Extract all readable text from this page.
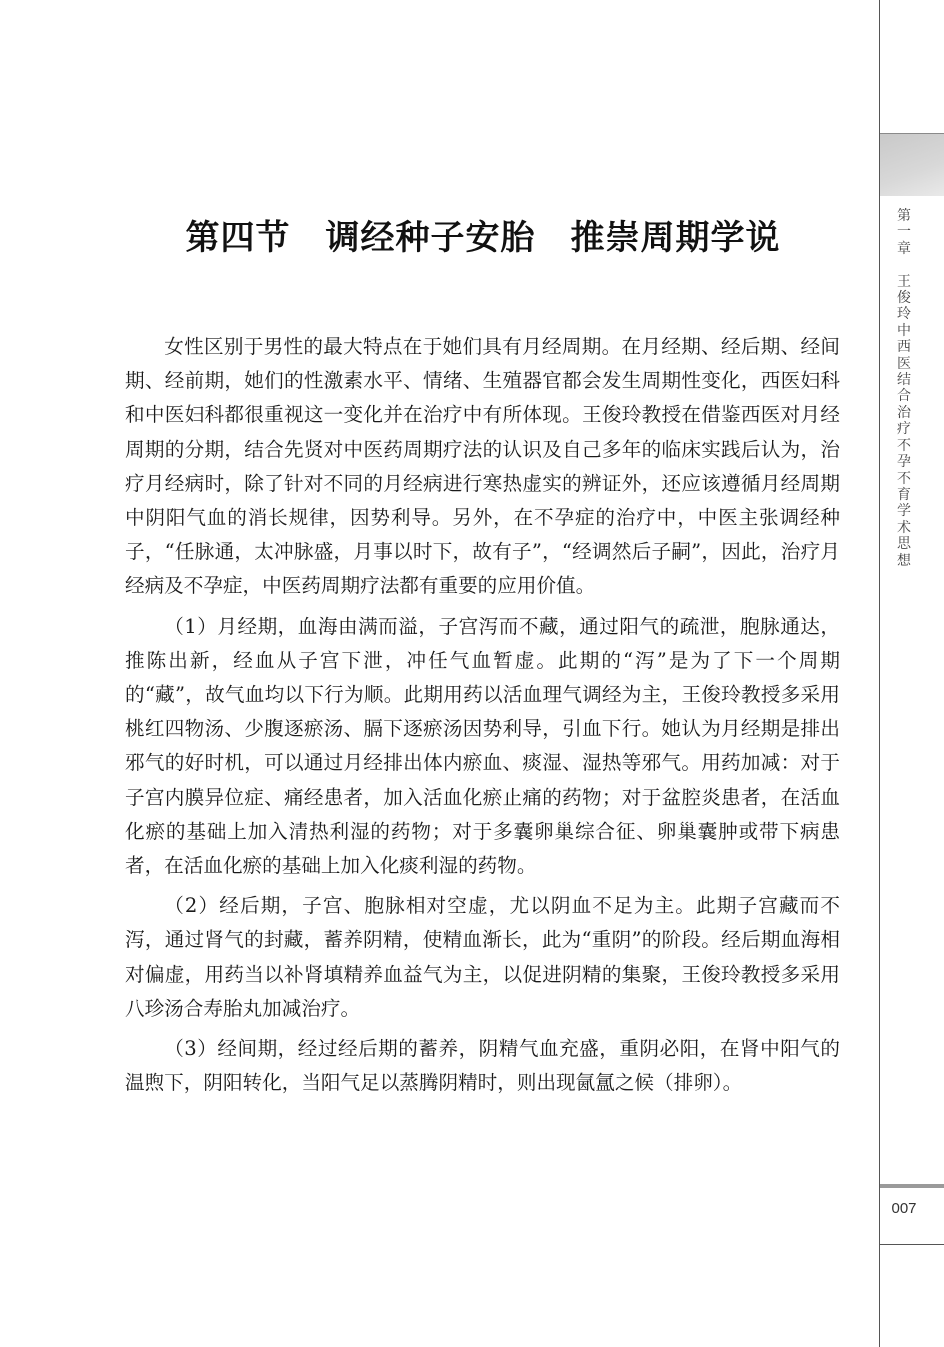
第
一
章

王
俊
玲
中
西
医
结
合
治
疗
不
孕
不
育
学
术
思
想
007
第四节　调经种子安胎　推崇周期学说

女性区别于男性的最大特点在于她们具有月经周期。在月经期、经后期、经间期、经前期，她们的性激素水平、情绪、生殖器官都会发生周期性变化，西医妇科和中医妇科都很重视这一变化并在治疗中有所体现。王俊玲教授在借鉴西医对月经周期的分期，结合先贤对中医药周期疗法的认识及自己多年的临床实践后认为，治疗月经病时，除了针对不同的月经病进行寒热虚实的辨证外，还应该遵循月经周期中阴阳气血的消长规律，因势利导。另外，在不孕症的治疗中，中医主张调经种子，“任脉通，太冲脉盛，月事以时下，故有子”，“经调然后子嗣”，因此，治疗月经病及不孕症，中医药周期疗法都有重要的应用价值。

（1）月经期，血海由满而溢，子宫泻而不藏，通过阳气的疏泄，胞脉通达，推陈出新，经血从子宫下泄，冲任气血暂虚。此期的“泻”是为了下一个周期的“藏”，故气血均以下行为顺。此期用药以活血理气调经为主，王俊玲教授多采用桃红四物汤、少腹逐瘀汤、膈下逐瘀汤因势利导，引血下行。她认为月经期是排出邪气的好时机，可以通过月经排出体内瘀血、痰湿、湿热等邪气。用药加减：对于子宫内膜异位症、痛经患者，加入活血化瘀止痛的药物；对于盆腔炎患者，在活血化瘀的基础上加入清热利湿的药物；对于多囊卵巢综合征、卵巢囊肿或带下病患者，在活血化瘀的基础上加入化痰利湿的药物。

（2）经后期，子宫、胞脉相对空虚，尤以阴血不足为主。此期子宫藏而不泻，通过肾气的封藏，蓄养阴精，使精血渐长，此为“重阴”的阶段。经后期血海相对偏虚，用药当以补肾填精养血益气为主，以促进阴精的集聚，王俊玲教授多采用八珍汤合寿胎丸加减治疗。

（3）经间期，经过经后期的蓄养，阴精气血充盛，重阴必阳，在肾中阳气的温煦下，阴阳转化，当阳气足以蒸腾阴精时，则出现氤氲之候（排卵）。
